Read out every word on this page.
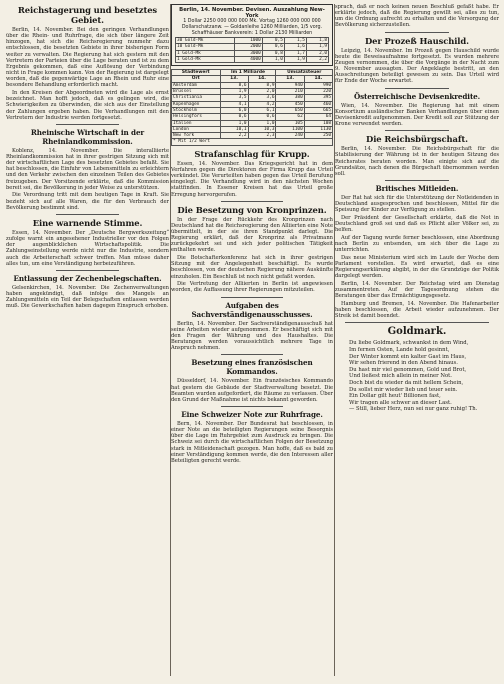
Reichstagerung und besetztes Gebiet.

Berlin, 14. November. Bei den geringen Verhandlungen über die Rhein- und Ruhrfrage, die sich über längere Zeit hinzogen, hat sich die Reichsregierung nunmehr dazu entschlossen, die besetzten Gebiete in ihrer bisherigen Form weiter zu verwalten. Die Regierung hat sich gestern mit den Vertretern der Parteien über die Lage beraten und ist zu dem Ergebnis gekommen, daß eine Auflösung der Verbindung nicht in Frage kommen kann. Von der Regierung ist dargelegt worden, daß die gegenwärtige Lage an Rhein und Ruhr eine besondere Behandlung erforderlich macht.

In den Kreisen der Abgeordneten wird die Lage als ernst bezeichnet. Man hofft jedoch, daß es gelingen wird, die Schwierigkeiten zu überwinden, die sich aus der Einstellung der Zahlungen ergeben haben. Die Verhandlungen mit den Vertretern der Industrie werden fortgesetzt.

Rheinische Wirtschaft in der Rheinlandkommission.

Koblenz, 14. November. Die interalliierte Rheinlandkommission hat in ihrer gestrigen Sitzung sich mit der wirtschaftlichen Lage des besetzten Gebietes befaßt. Sie hat beschlossen, die Einfuhr von Lebensmitteln zu erleichtern und den Verkehr zwischen den einzelnen Teilen des Gebietes freizugeben. Der Vorsitzende erklärte, daß die Kommission bereit sei, die Bevölkerung in jeder Weise zu unterstützen.

Die Verordnung tritt mit dem heutigen Tage in Kraft. Sie bezieht sich auf alle Waren, die für den Verbrauch der Bevölkerung bestimmt sind.

Eine warnende Stimme.

Essen, 14. November. Der „Deutsche Bergwerkszeitung“ zufolge warnt ein angesehener Industrieller vor den Folgen der augenblicklichen Wirtschaftspolitik. Die Zahlungseinstellung werde nicht nur die Industrie, sondern auch die Arbeiterschaft schwer treffen. Man müsse daher alles tun, um eine Verständigung herbeizuführen.

Entlassung der Zechenbelegschaften.

Gelsenkirchen, 14. November. Die Zechenverwaltungen haben angekündigt, daß infolge des Mangels an Zahlungsmitteln ein Teil der Belegschaften entlassen werden muß. Die Gewerkschaften haben dagegen Einspruch erhoben.

Berlin, 14. November. Devisen. Auszahlung New-York
1 Dollar 2250 000 000 000 Mk. Vortag 1260 000 000 000
Dollarschatzanw. — Goldanleihe 1260 Milliarden, 1/5 vorg.
Schaffhäuser Bankverein: 1 Dollar 2130 Milliarden
30 Gold-Mk	1000	0,5	1,5	1,8
10 Gold-Mk	2000	0,6	1,6	1,9
1 Gold-Mk	3000	0,8	1,7	2,0
1 Gold-Mk	4000	1,0	1,9	2,2
Städtewert	Im 1 Milliarde		Umsatzsteuer	
Ort	13.	14.	13.	14.
Amsterdam	8,6	8,9	940	990
Brüssel	1,9	2,0	210	220
Christiania	3,5	3,6	380	395
Kopenhagen	4,1	4,2	450	460
Stockholm	6,0	6,1	650	665
Helsingfors	0,6	0,6	62	64
Italien	1,0	1,0	105	108
London	10,1	10,3	1100	1130
New York	2,2	2,3	240	250
* Mit 1/2 Wert				
Strafanschlag für Krupp.

Essen, 14. November. Das Kriegsgericht hat in dem Verfahren gegen die Direktoren der Firma Krupp das Urteil verkündet. Die Verurteilten haben gegen das Urteil Berufung eingelegt. Die Verhandlung wird in den nächsten Wochen stattfinden. In Essener Kreisen hat das Urteil große Erregung hervorgerufen.

Die Besetzung von Kronprinzen.

In der Frage der Rückkehr des Kronprinzen nach Deutschland hat die Reichsregierung den Alliierten eine Note übermittelt, in der sie ihren Standpunkt darlegt. Die Regierung erklärt, daß der Kronprinz als Privatmann zurückgekehrt sei und sich jeder politischen Tätigkeit enthalten werde.

Die Botschafterkonferenz hat sich in ihrer gestrigen Sitzung mit der Angelegenheit beschäftigt. Es wurde beschlossen, von der deutschen Regierung nähere Auskünfte einzuholen. Ein Beschluß ist noch nicht gefaßt worden.

Die Vertretung der Alliierten in Berlin ist angewiesen worden, die Auffassung ihrer Regierungen mitzuteilen.

Aufgaben des Sachverständigenausschusses.

Berlin, 14. November. Der Sachverständigenausschuß hat seine Arbeiten wieder aufgenommen. Er beschäftigt sich mit den Fragen der Währung und des Haushaltes. Die Beratungen werden voraussichtlich mehrere Tage in Anspruch nehmen.

Besetzung eines französischen Kommandos.

Düsseldorf, 14. November. Ein französisches Kommando hat gestern die Gebäude der Stadtverwaltung besetzt. Die Beamten wurden aufgefordert, die Räume zu verlassen. Über den Grund der Maßnahme ist nichts bekannt geworden.

Eine Schweizer Note zur Ruhrfrage.

Bern, 14. November. Der Bundesrat hat beschlossen, in einer Note an die beteiligten Regierungen seine Besorgnis über die Lage im Ruhrgebiet zum Ausdruck zu bringen. Die Schweiz sei durch die wirtschaftlichen Folgen der Besetzung stark in Mitleidenschaft gezogen. Man hoffe, daß es bald zu einer Verständigung kommen werde, die den Interessen aller Beteiligten gerecht werde.

sprach, daß er noch keinen neuen Beschluß gefaßt habe. Er erklärte jedoch, daß die Regierung gewillt sei, alles zu tun, um die Ordnung aufrecht zu erhalten und die Versorgung der Bevölkerung sicherzustellen.

Der Prozeß Hauschild.

Leipzig, 14. November. Im Prozeß gegen Hauschild wurde heute die Beweisaufnahme fortgesetzt. Es wurden mehrere Zeugen vernommen, die über die Vorgänge in der Nacht zum 9. November aussagten. Der Angeklagte bestritt, an den Ausschreitungen beteiligt gewesen zu sein. Das Urteil wird für Ende der Woche erwartet.

Österreichische Devisenkredite.

Wien, 14. November. Die Regierung hat mit einem Konsortium ausländischer Banken Verhandlungen über einen Devisenkredit aufgenommen. Der Kredit soll zur Stützung der Krone verwendet werden.

Die Reichsbürgschaft.

Berlin, 14. November. Die Reichsbürgschaft für die Stabilisierung der Währung ist in der heutigen Sitzung des Reichsrates beraten worden. Man einigte sich auf die Grundsätze, nach denen die Bürgschaft übernommen werden soll.

Britisches Mitleiden.

Der Rat hat sich für die Unterstützung der Notleidenden in Deutschland ausgesprochen und beschlossen, Mittel für die Speisung der Kinder zur Verfügung zu stellen.

Der Präsident der Gesellschaft erklärte, daß die Not in Deutschland groß sei und daß es Pflicht aller Völker sei, zu helfen.

Auf der Tagung wurde ferner beschlossen, eine Abordnung nach Berlin zu entsenden, um sich über die Lage zu unterrichten.

Das neue Ministerium wird sich im Laufe der Woche dem Parlament vorstellen. Es wird erwartet, daß es eine Regierungserklärung abgibt, in der die Grundzüge der Politik dargelegt werden.

Berlin, 14. November. Der Reichstag wird am Dienstag zusammentreten. Auf der Tagesordnung stehen die Beratungen über das Ermächtigungsgesetz.

Hamburg und Bremen, 14. November. Die Hafenarbeiter haben beschlossen, die Arbeit wieder aufzunehmen. Der Streik ist damit beendet.

Goldmark.
Du liebe Goldmark, schwankst in dem Wind,
Im fernen Osten, Lande hold gesinnt,
Der Winter kommt ein kalter Gast im Haus,
Wir sehen frierend in den Abend hinaus.
Du hast mir viel genommen, Gold und Brot,
Und ließest mich allein in meiner Not.
Doch bist du wieder da mit hellem Schein,
Du sollst mir wieder lieb und teuer sein.
Ein Dollar gilt heut' Billionen fast,
Wir tragen alle schwer an dieser Last.
— Still, lieber Herz, nun sei nur ganz ruhig! Th.
